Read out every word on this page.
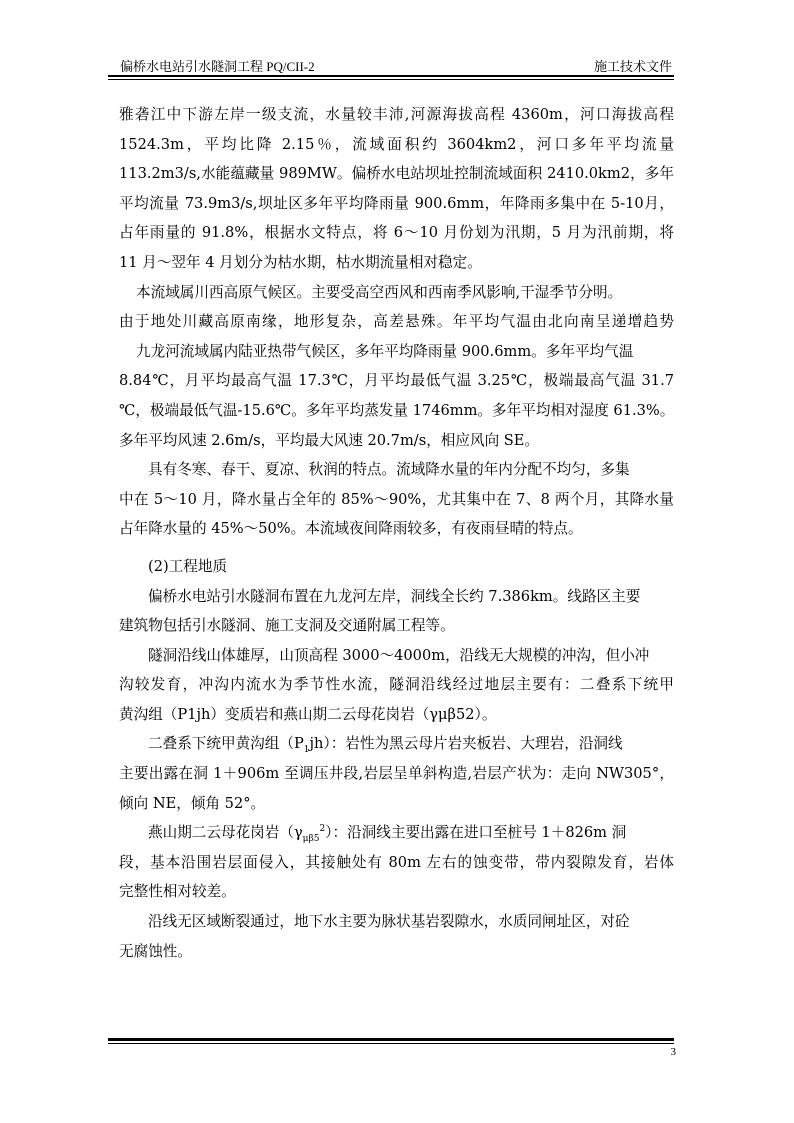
偏桥水电站引水隧洞工程 PQ/CII-2	施工技术文件
雅砻江中下游左岸一级支流，水量较丰沛,河源海拔高程 4360m，河口海拔高程
1524.3m，平均比降 2.15％，流域面积约 3604km2，河口多年平均流量
113.2m3/s,水能蕴藏量 989MW。偏桥水电站坝址控制流域面积 2410.0km2，多年
平均流量 73.9m3/s,坝址区多年平均降雨量 900.6mm，年降雨多集中在 5-10月，
占年雨量的 91.8%，根据水文特点，将 6～10 月份划为汛期，5 月为汛前期，将
11 月～翌年 4 月划分为枯水期，枯水期流量相对稳定。
本流域属川西高原气候区。主要受高空西风和西南季风影响,干湿季节分明。
由于地处川藏高原南缘，地形复杂，高差悬殊。年平均气温由北向南呈递增趋势
九龙河流域属内陆亚热带气候区，多年平均降雨量 900.6mm。多年平均气温
8.84℃，月平均最高气温 17.3℃，月平均最低气温 3.25℃，极端最高气温 31.7
℃，极端最低气温-15.6℃。多年平均蒸发量 1746mm。多年平均相对湿度 61.3%。
多年平均风速 2.6m/s，平均最大风速 20.7m/s，相应风向 SE。
具有冬寒、春干、夏凉、秋润的特点。流域降水量的年内分配不均匀，多集
中在 5～10 月，降水量占全年的 85%～90%，尤其集中在 7、8 两个月，其降水量
占年降水量的 45%～50%。本流域夜间降雨较多，有夜雨昼晴的特点。
(2)工程地质
偏桥水电站引水隧洞布置在九龙河左岸，洞线全长约 7.386km。线路区主要
建筑物包括引水隧洞、施工支洞及交通附属工程等。
隧洞沿线山体雄厚，山顶高程 3000～4000m，沿线无大规模的冲沟，但小冲
沟较发育，冲沟内流水为季节性水流，隧洞沿线经过地层主要有：二叠系下统甲
黄沟组（P1jh）变质岩和燕山期二云母花岗岩（γμβ52）。
二叠系下统甲黄沟组$(P_1jh)$：岩性为黑云母片岩夹板岩、大理岩，沿洞线
主要出露在洞 1＋906m 至调压井段,岩层呈单斜构造,岩层产状为：走向 NW305°，
倾向 NE，倾角 52°。
燕山期二云母花岗岩$(\gamma_{\mu\beta 5}^2)$：沿洞线主要出露在进口至桩号 1＋826m 洞
段，基本沿围岩层面侵入，其接触处有 80m 左右的蚀变带，带内裂隙发育，岩体
完整性相对较差。
沿线无区域断裂通过，地下水主要为脉状基岩裂隙水，水质同闸址区，对砼
无腐蚀性。
3
